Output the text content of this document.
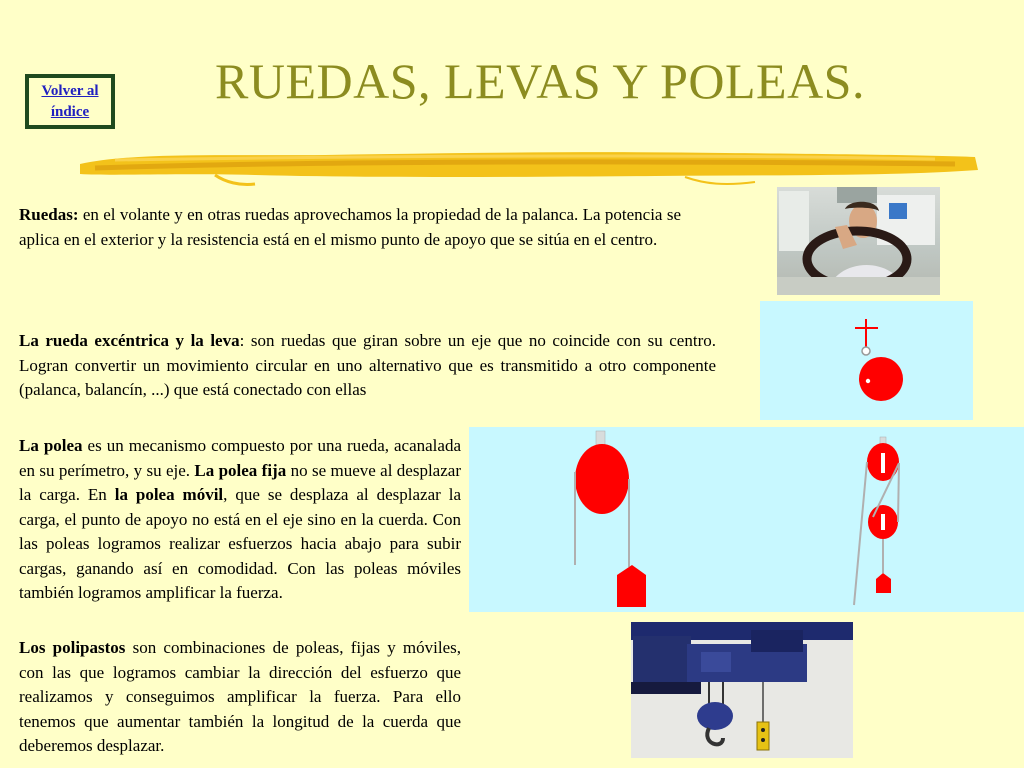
Volver al
índice
RUEDAS, LEVAS Y POLEAS.

Ruedas: en el volante y en otras ruedas aprovechamos la propiedad de la palanca. La potencia se aplica en el exterior y la resistencia está en el mismo punto de apoyo que se sitúa en el centro.

La rueda excéntrica y la leva: son ruedas que giran sobre un eje que no coincide con su centro. Logran convertir un movimiento circular en uno alternativo que es transmitido a otro componente (palanca, balancín, ...) que está conectado con ellas

La polea es un mecanismo compuesto por una rueda, acanalada en su perímetro, y su eje. La polea fija no se mueve al desplazar la carga. En la polea móvil, que se desplaza al desplazar la carga, el punto de apoyo no está en el eje sino en la cuerda. Con las poleas logramos realizar esfuerzos hacia abajo para subir cargas, ganando así en comodidad. Con las poleas móviles también logramos amplificar la fuerza.

Los polipastos son combinaciones de poleas, fijas y móviles, con las que logramos cambiar la dirección del esfuerzo que realizamos y conseguimos amplificar la fuerza. Para ello tenemos que aumentar también la longitud de la cuerda que deberemos desplazar.
